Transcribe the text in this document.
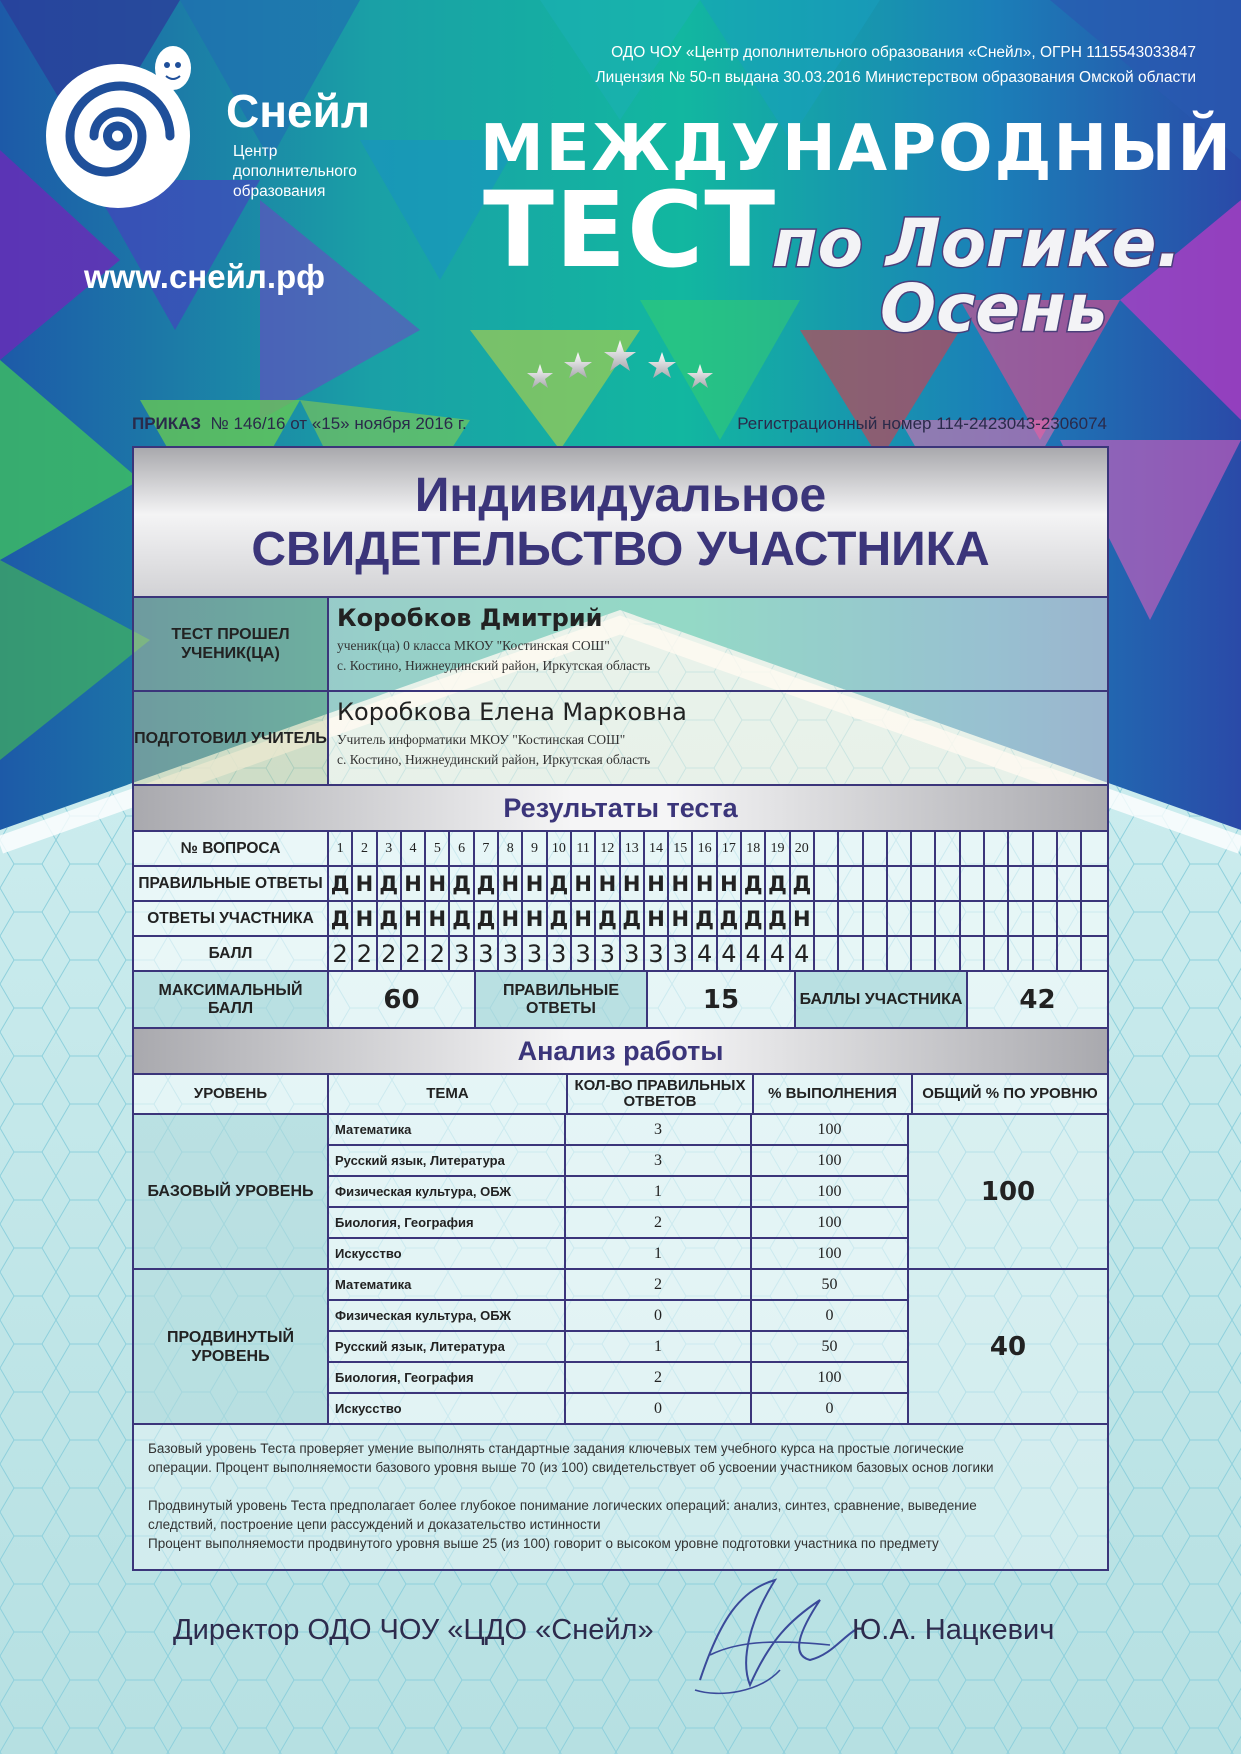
ОДО ЧОУ «Центр дополнительного образования «Снейл», ОГРН 1115543033847
Лицензия № 50-п выдана 30.03.2016 Министерством образования Омской области
Снейл
Центр
дополнительного
образования
www.снейл.рф
МЕЖДУНАРОДНЫЙ
ТЕСТ
по Логике.
Осень
ПРИКАЗ № 146/16 от «15» ноября 2016 г.	Регистрационный номер 114-2423043-2306074
Индивидуальное
СВИДЕТЕЛЬСТВО УЧАСТНИКА
ТЕСТ ПРОШЕЛ УЧЕНИК(ЦА)
Коробков Дмитрий
ученик(ца) 0 класса МКОУ "Костинская СОШ"
с. Костино, Нижнеудинский район, Иркутская область
ПОДГОТОВИЛ УЧИТЕЛЬ
Коробкова Елена Марковна
Учитель информатики МКОУ "Костинская СОШ"
с. Костино, Нижнеудинский район, Иркутская область
Результаты теста
№ ВОПРОСА	1	2	3	4	5	6	7	8	9 10 11 12 13 14 15 16 17 18 19 20
ПРАВИЛЬНЫЕ ОТВЕТЫ Д Н Д Н Н Д Д Н Н Д Н Н Н Н Н Н Н Д Д Д
ОТВЕТЫ УЧАСТНИКА Д Н Д Н Н Д Д Н Н Д Н Д Д Н Н Д Д Д Д Н
БАЛЛ	2 2 2 2 2 3 3 3 3 3 3 3 3 3 3 4 4 4 4 4
МАКСИМАЛЬНЫЙ БАЛЛ	60	ПРАВИЛЬНЫЕ ОТВЕТЫ	15	БАЛЛЫ УЧАСТНИКА	42
Анализ работы
УРОВЕНЬ	ТЕМА	КОЛ-ВО ПРАВИЛЬНЫХ ОТВЕТОВ	% ВЫПОЛНЕНИЯ	ОБЩИЙ % ПО УРОВНЮ
БАЗОВЫЙ УРОВЕНЬ
Математика	3	100
Русский язык, Литература	3	100
Физическая культура, ОБЖ	1	100
Биология, География	2	100
Искусство	1	100
100
ПРОДВИНУТЫЙ УРОВЕНЬ
Математика	2	50
Физическая культура, ОБЖ	0	0
Русский язык, Литература	1	50
Биология, География	2	100
Искусство	0	0
40

Базовый уровень Теста проверяет умение выполнять стандартные задания ключевых тем учебного курса на простые логические

операции. Процент выполняемости базового уровня выше 70 (из 100) свидетельствует об усвоении участником базовых основ логики

Продвинутый уровень Теста предполагает более глубокое понимание логических операций: анализ, синтез, сравнение, выведение

следствий, построение цепи рассуждений и доказательство истинности

Процент выполняемости продвинутого уровня выше 25 (из 100) говорит о высоком уровне подготовки участника по предмету

Директор ОДО ЧОУ «ЦДО «Снейл»	Ю.А. Нацкевич
